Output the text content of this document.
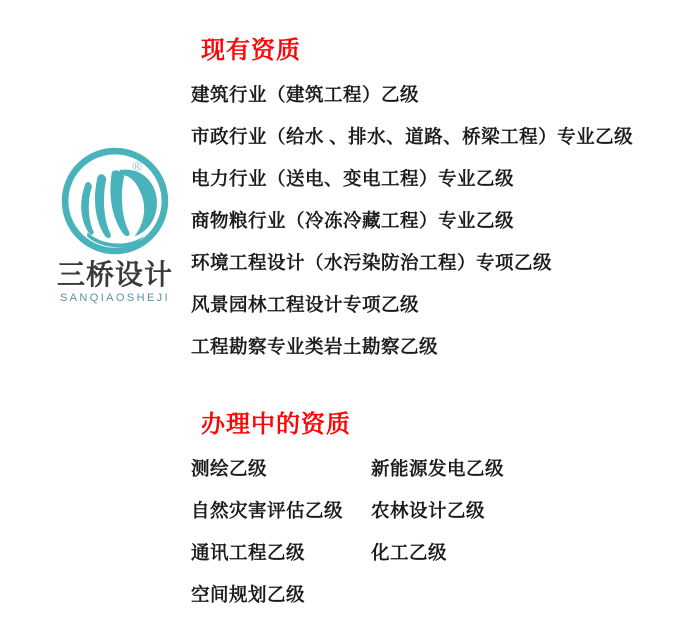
®
三桥设计
SANQIAOSHEJI
现有资质
建筑行业（建筑工程）乙级
市政行业（给水 、排水、道路、桥梁工程）专业乙级
电力行业（送电、变电工程）专业乙级
商物粮行业（冷冻冷藏工程）专业乙级
环境工程设计（水污染防治工程）专项乙级
风景园林工程设计专项乙级
工程勘察专业类岩土勘察乙级
办理中的资质
测绘乙级	新能源发电乙级
自然灾害评估乙级 农林设计乙级
通讯工程乙级	化工乙级
空间规划乙级
